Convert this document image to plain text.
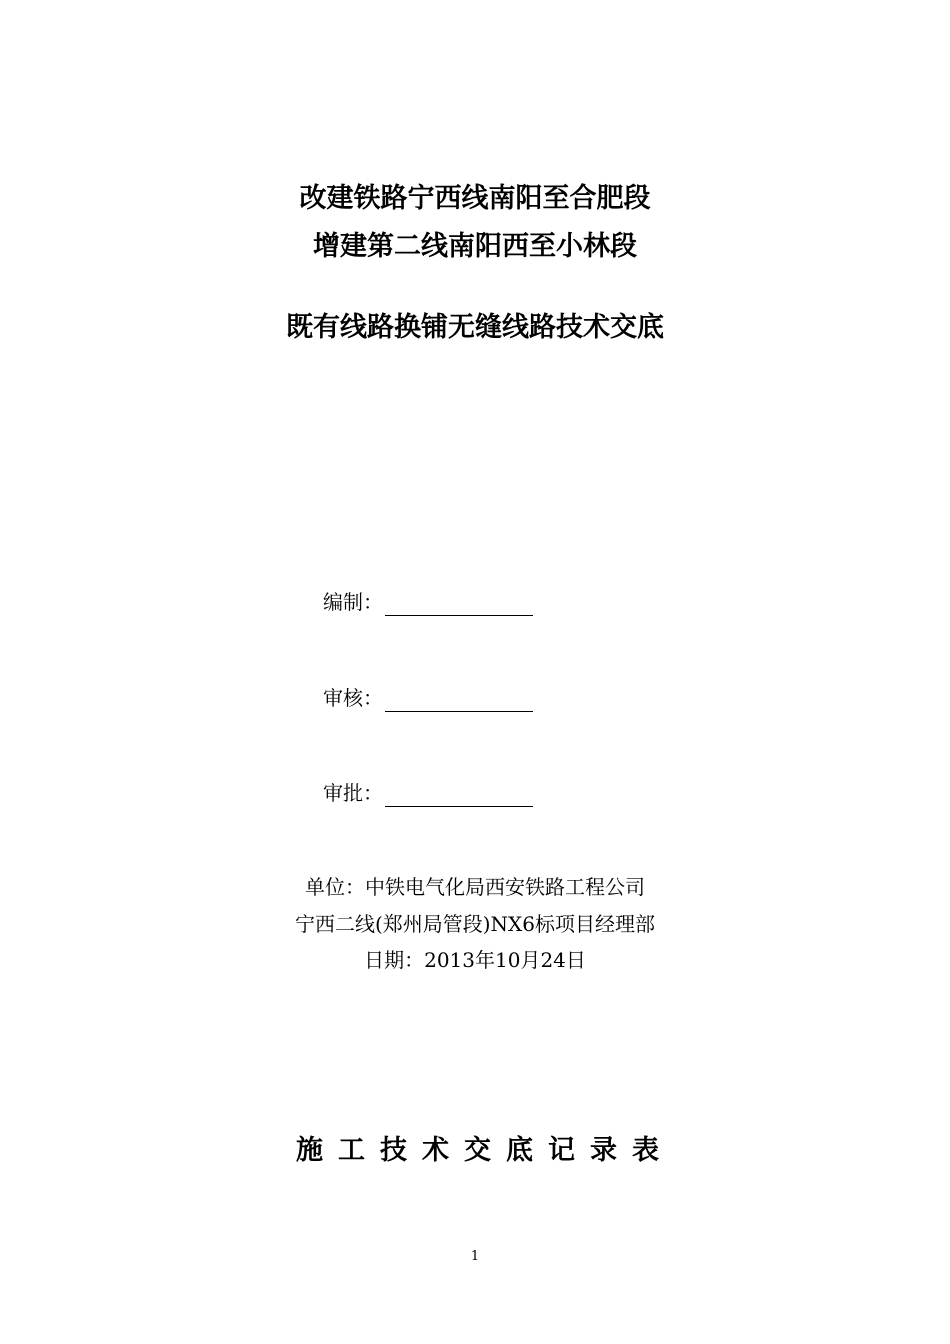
改建铁路宁西线南阳至合肥段
增建第二线南阳西至小林段
既有线路换铺无缝线路技术交底
编制：
审核：
审批：
单位：中铁电气化局西安铁路工程公司
宁西二线(郑州局管段)NX6标项目经理部
日期：2013年10月24日
施工技术交底记录表
1
